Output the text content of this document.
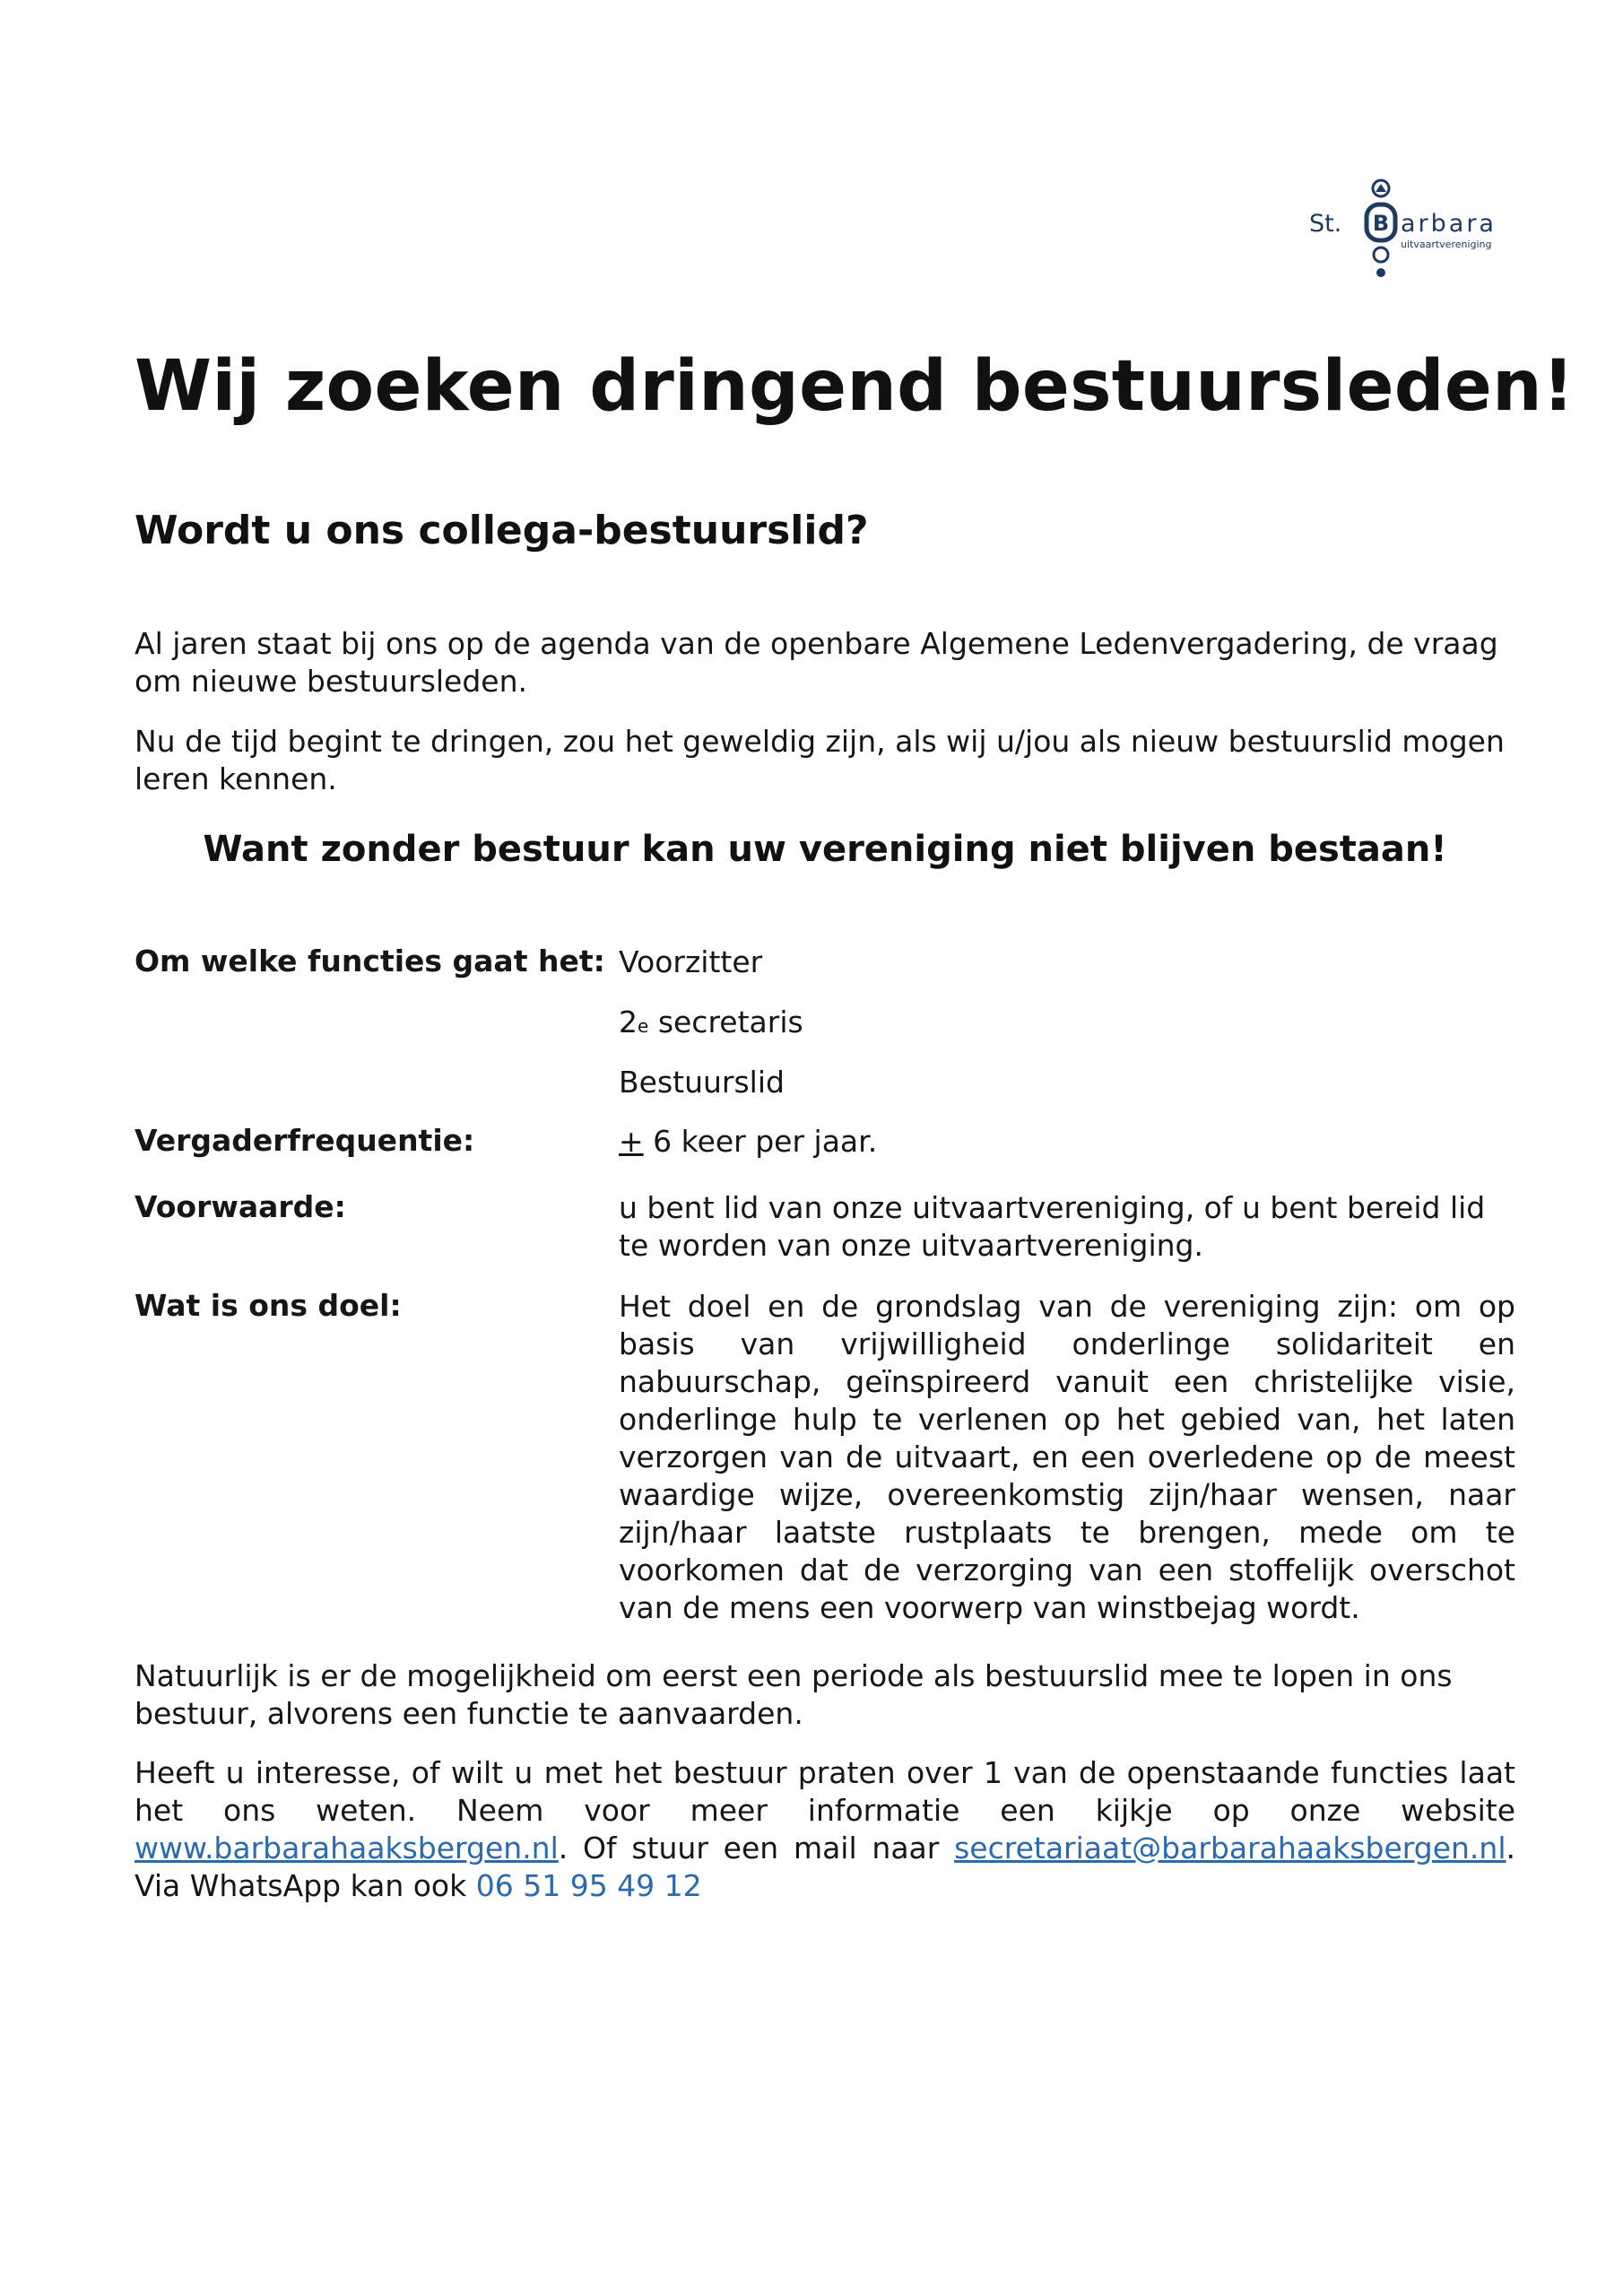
B
St. arbara
uitvaartvereniging
Wij zoeken dringend bestuursleden!
Wordt u ons collega-bestuurslid?

Al jaren staat bij ons op de agenda van de openbare Algemene Ledenvergadering, de vraag om nieuwe bestuursleden.

Nu de tijd begint te dringen, zou het geweldig zijn, als wij u/jou als nieuw bestuurslid mogen leren kennen.

Want zonder bestuur kan uw vereniging niet blijven bestaan!

Om welke functies gaat het: Voorzitter

2e secretaris

Bestuurslid

Vergaderfrequentie:	+ 6 keer per jaar.

Voorwaarde:	u bent lid van onze uitvaartvereniging, of u bent bereid lid te worden van onze uitvaartvereniging.

Wat is ons doel:	Het doel en de grondslag van de vereniging zijn: om op basis van vrijwilligheid onderlinge solidariteit en nabuurschap, geïnspireerd vanuit een christelijke visie, onderlinge hulp te verlenen op het gebied van, het laten verzorgen van de uitvaart, en een overledene op de meest waardige wijze, overeenkomstig zijn/haar wensen, naar zijn/haar laatste rustplaats te brengen, mede om te voorkomen dat de verzorging van een stoffelijk overschot van de mens een voorwerp van winstbejag wordt.

Natuurlijk is er de mogelijkheid om eerst een periode als bestuurslid mee te lopen in ons bestuur, alvorens een functie te aanvaarden.

Heeft u interesse, of wilt u met het bestuur praten over 1 van de openstaande functies laat het ons weten. Neem voor meer informatie een kijkje op onze website www.barbarahaaksbergen.nl. Of stuur een mail naar secretariaat@barbarahaaksbergen.nl. Via WhatsApp kan ook 06 51 95 49 12
